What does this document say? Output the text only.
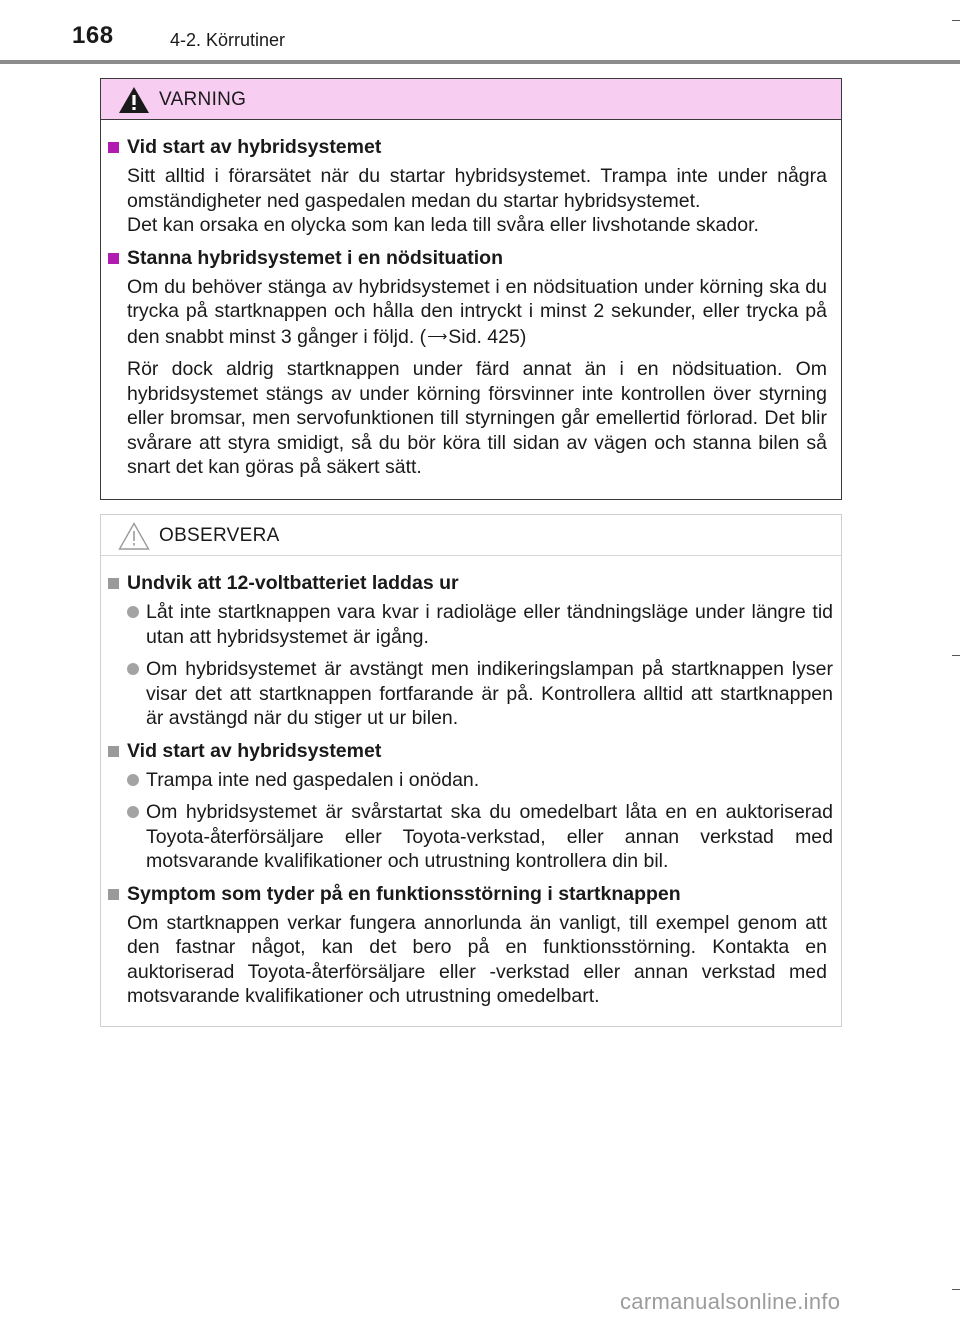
168	4-2. Körrutiner
VARNING
Vid start av hybridsystemet
Sitt alltid i förarsätet när du startar hybridsystemet. Trampa inte under några omständigheter ned gaspedalen medan du startar hybridsystemet.
Det kan orsaka en olycka som kan leda till svåra eller livshotande skador.
Stanna hybridsystemet i en nödsituation
Om du behöver stänga av hybridsystemet i en nödsituation under körning ska du trycka på startknappen och hålla den intryckt i minst 2 sekunder, eller trycka på den snabbt minst 3 gånger i följd. (⟶Sid. 425)
Rör dock aldrig startknappen under färd annat än i en nödsituation. Om hybridsystemet stängs av under körning försvinner inte kontrollen över styrning eller bromsar, men servofunktionen till styrningen går emellertid förlorad. Det blir svårare att styra smidigt, så du bör köra till sidan av vägen och stanna bilen så snart det kan göras på säkert sätt.
OBSERVERA
Undvik att 12-voltbatteriet laddas ur
Låt inte startknappen vara kvar i radioläge eller tändningsläge under längre tid utan att hybridsystemet är igång.
Om hybridsystemet är avstängt men indikeringslampan på startknappen lyser visar det att startknappen fortfarande är på. Kontrollera alltid att startknappen är avstängd när du stiger ut ur bilen.
Vid start av hybridsystemet
Trampa inte ned gaspedalen i onödan.
Om hybridsystemet är svårstartat ska du omedelbart låta en en auktoriserad Toyota-återförsäljare eller Toyota-verkstad, eller annan verkstad med motsvarande kvalifikationer och utrustning kontrollera din bil.
Symptom som tyder på en funktionsstörning i startknappen
Om startknappen verkar fungera annorlunda än vanligt, till exempel genom att den fastnar något, kan det bero på en funktionsstörning. Kontakta en auktoriserad Toyota-återförsäljare eller -verkstad eller annan verkstad med motsvarande kvalifikationer och utrustning omedelbart.
carmanualsonline.info
